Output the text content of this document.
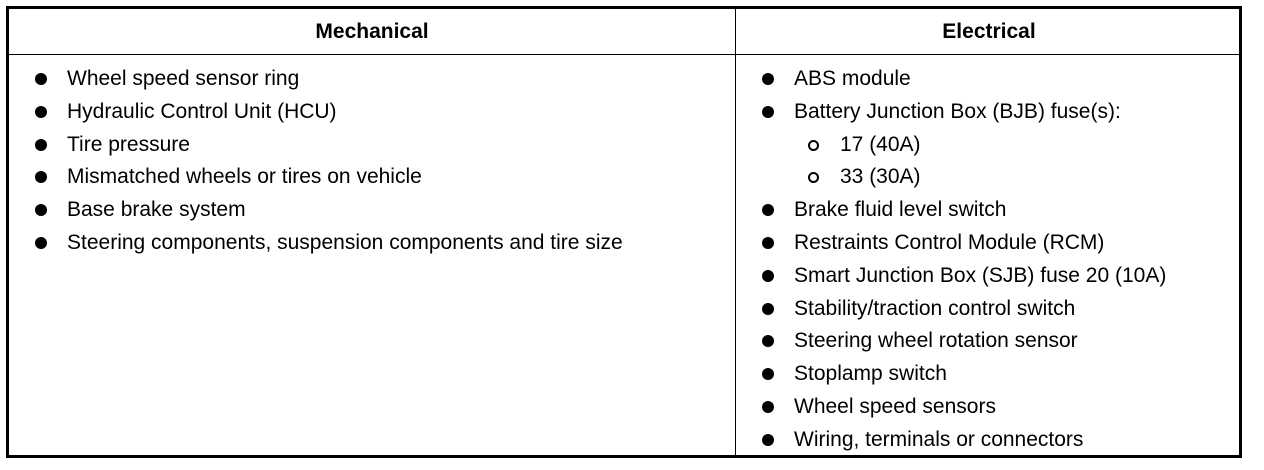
Mechanical	Electrical
Wheel speed sensor ring
Hydraulic Control Unit (HCU)
Tire pressure
Mismatched wheels or tires on vehicle
Base brake system
Steering components, suspension components and tire size
ABS module
Battery Junction Box (BJB) fuse(s):
17 (40A)
33 (30A)
Brake fluid level switch
Restraints Control Module (RCM)
Smart Junction Box (SJB) fuse 20 (10A)
Stability/traction control switch
Steering wheel rotation sensor
Stoplamp switch
Wheel speed sensors
Wiring, terminals or connectors
